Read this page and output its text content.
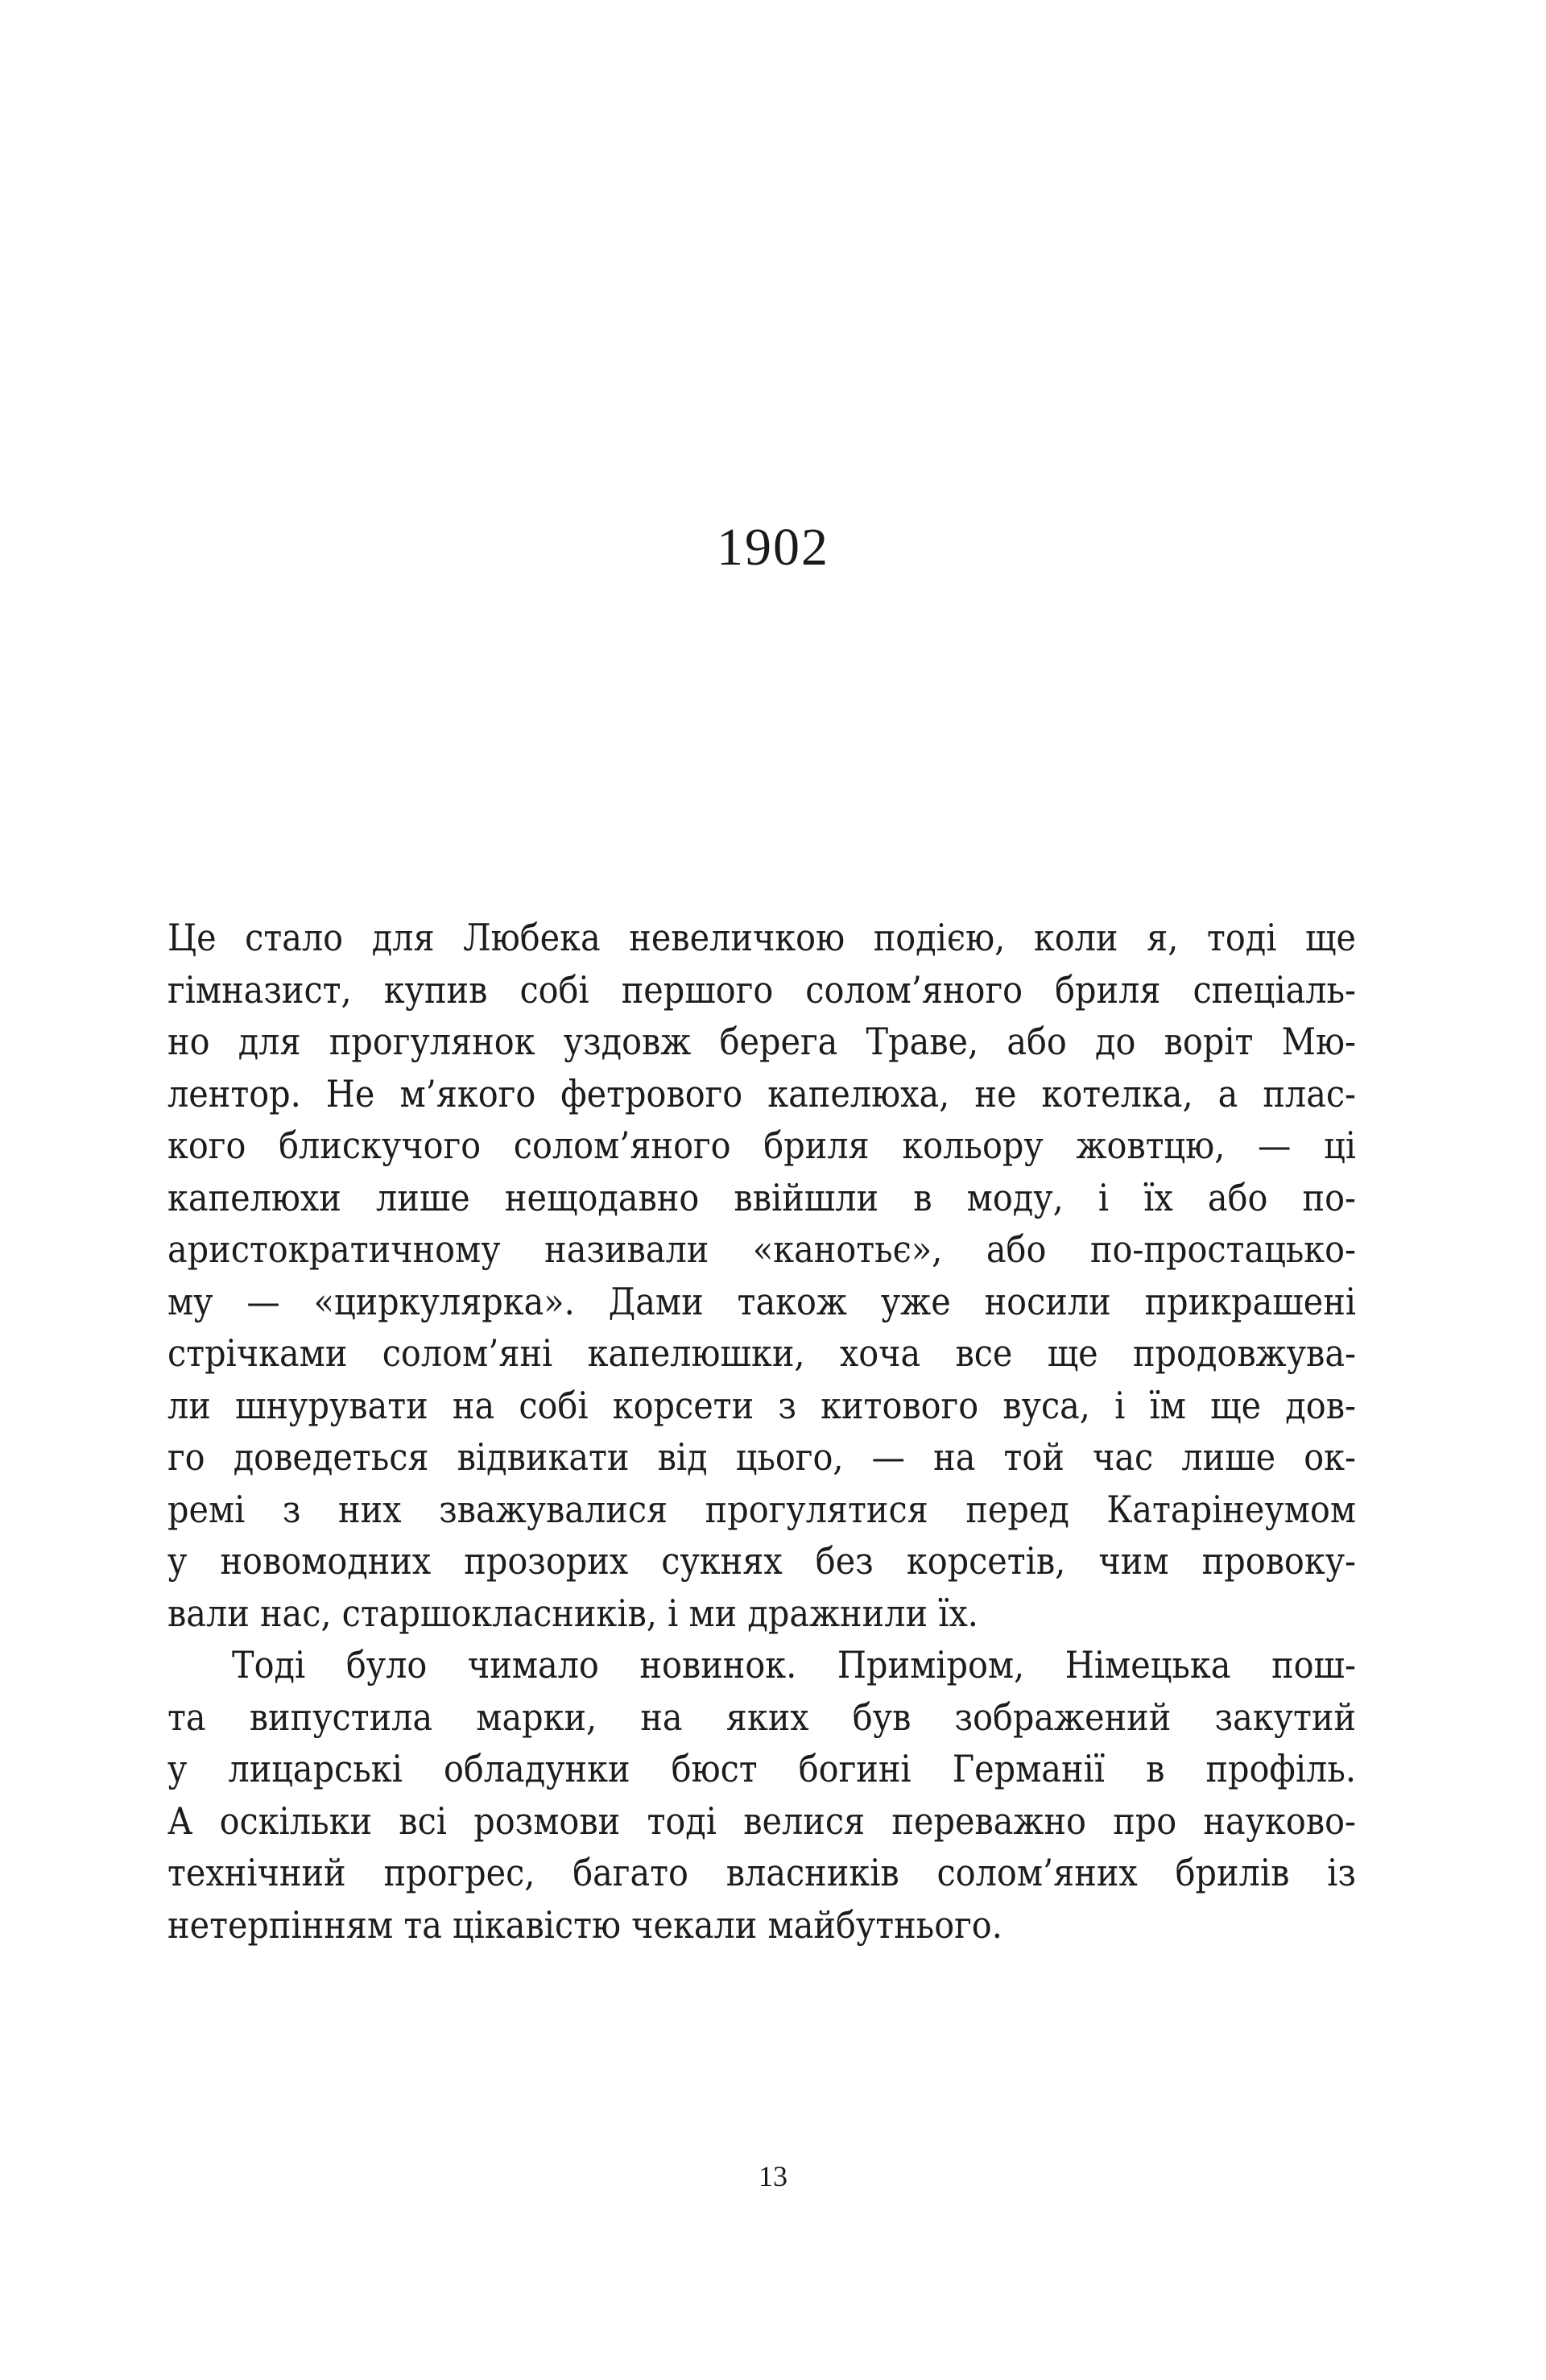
1902
Це стало для Любека невеличкою подією, коли я, тоді ще
гімназист, купив собі першого солом’яного бриля спеціаль-
но для прогулянок уздовж берега Траве, або до воріт Мю-
лентор. Не м’якого фетрового капелюха, не котелка, а плас-
кого блискучого солом’яного бриля кольору жовтцю, — ці
капелюхи лише нещодавно ввійшли в моду, і їх або по-
аристократичному називали «канотьє», або по-простацько-
му — «циркулярка». Дами також уже носили прикрашені
стрічками солом’яні капелюшки, хоча все ще продовжува-
ли шнурувати на собі корсети з китового вуса, і їм ще дов-
го доведеться відвикати від цього, — на той час лише ок-
ремі з них зважувалися прогулятися перед Катарінеумом
у новомодних прозорих сукнях без корсетів, чим провоку-
вали нас, старшокласників, і ми дражнили їх.
Тоді було чимало новинок. Приміром, Німецька пош-
та випустила марки, на яких був зображений закутий
у лицарські обладунки бюст богині Германії в профіль.
А оскільки всі розмови тоді велися переважно про науково-
технічний прогрес, багато власників солом’яних брилів із
нетерпінням та цікавістю чекали майбутнього.
13
